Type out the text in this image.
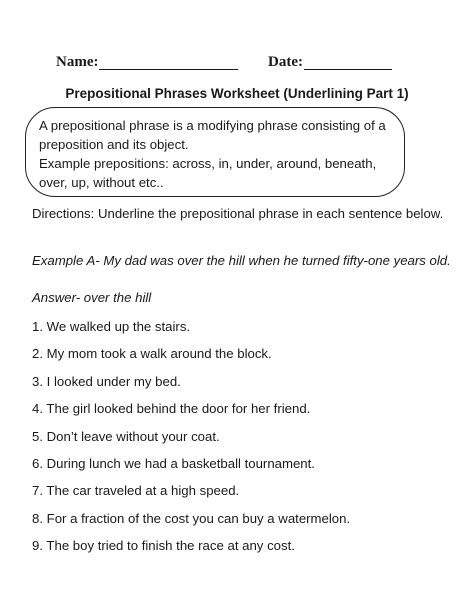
Name:	Date:
Prepositional Phrases Worksheet (Underlining Part 1)

A prepositional phrase is a modifying phrase consisting of a preposition and its object.

Example prepositions: across, in, under, around, beneath, over, up, without etc..

Directions: Underline the prepositional phrase in each sentence below.
Example A- My dad was over the hill when he turned fifty-one years old.
Answer- over the hill
1. We walked up the stairs.
2. My mom took a walk around the block.
3. I looked under my bed.
4. The girl looked behind the door for her friend.
5. Don’t leave without your coat.
6. During lunch we had a basketball tournament.
7. The car traveled at a high speed.
8. For a fraction of the cost you can buy a watermelon.
9. The boy tried to finish the race at any cost.
